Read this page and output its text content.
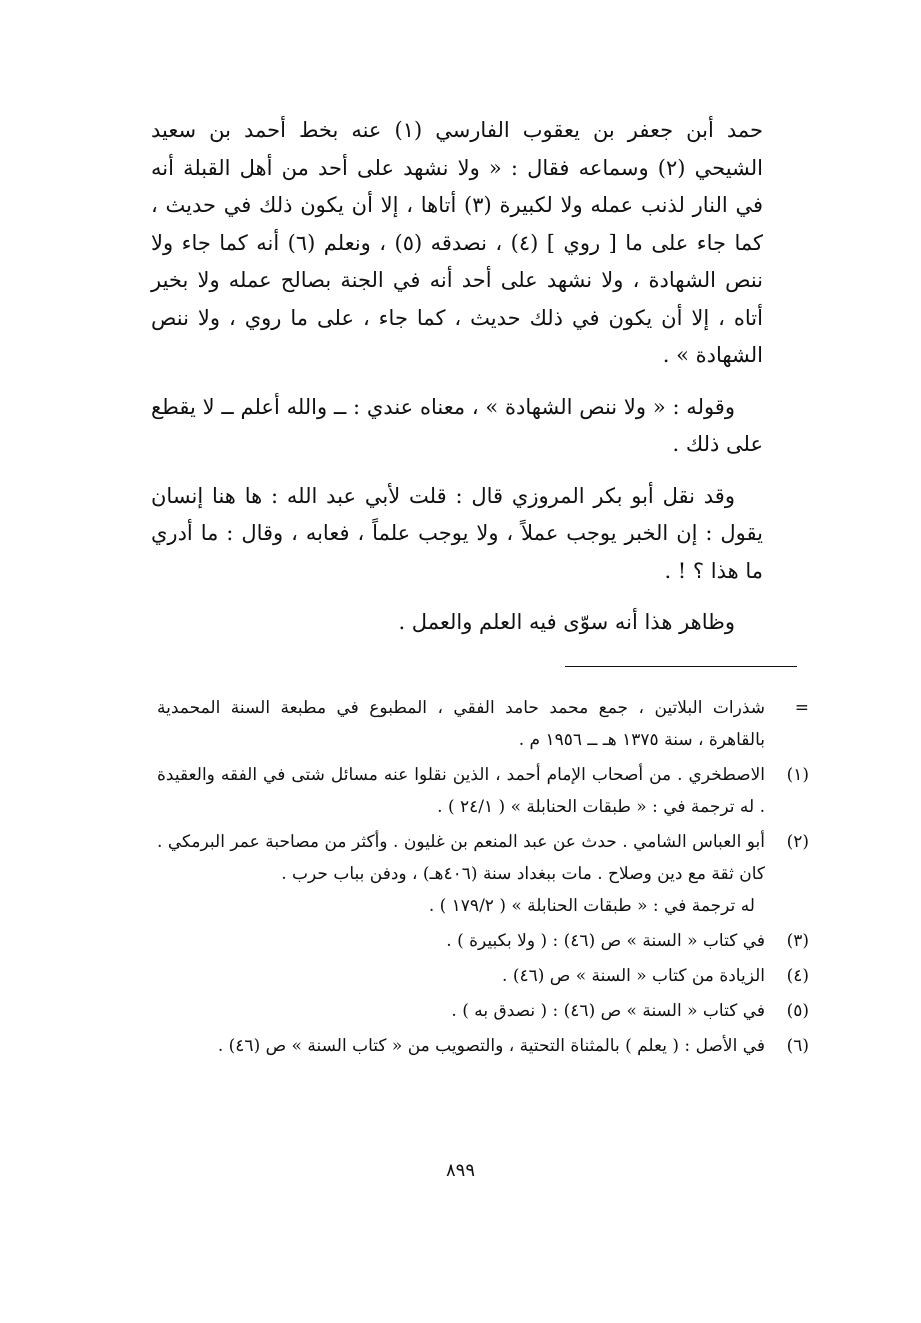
حمد أبن جعفر بن يعقوب الفارسي (١) عنه بخط أحمد بن سعيد الشيحي (٢) وسماعه فقال : « ولا نشهد على أحد من أهل القبلة أنه في النار لذنب عمله ولا لكبيرة (٣) أتاها ، إلا أن يكون ذلك في حديث ، كما جاء على ما [ روي ] (٤) ، نصدقه (٥) ، ونعلم (٦) أنه كما جاء ولا ننص الشهادة ، ولا نشهد على أحد أنه في الجنة بصالح عمله ولا بخير أتاه ، إلا أن يكون في ذلك حديث ، كما جاء ، على ما روي ، ولا ننص الشهادة » .

وقوله : « ولا ننص الشهادة » ، معناه عندي : ــ والله أعلم ــ لا يقطع على ذلك .

وقد نقل أبو بكر المروزي قال : قلت لأبي عبد الله : ها هنا إنسان يقول : إن الخبر يوجب عملاً ، ولا يوجب علماً ، فعابه ، وقال : ما أدري ما هذا ؟ ! .

وظاهر هذا أنه سوّى فيه العلم والعمل .

=
شذرات البلاتين ، جمع محمد حامد الفقي ، المطبوع في مطبعة السنة المحمدية بالقاهرة ، سنة ١٣٧٥ هـ ــ ١٩٥٦ م .
(١)
الاصطخري . من أصحاب الإمام أحمد ، الذين نقلوا عنه مسائل شتى في الفقه والعقيدة . له ترجمة في : « طبقات الحنابلة » ( ٢٤/١ ) .
(٢)
أبو العباس الشامي . حدث عن عبد المنعم بن غليون . وأكثر من مصاحبة عمر البرمكي . كان ثقة مع دين وصلاح . مات ببغداد سنة (٤٠٦هـ) ، ودفن بباب حرب .
له ترجمة في : « طبقات الحنابلة » ( ١٧٩/٢ ) .
(٣)
في كتاب « السنة » ص (٤٦) : ( ولا بكبيرة ) .
(٤)
الزيادة من كتاب « السنة » ص (٤٦) .
(٥)
في كتاب « السنة » ص (٤٦) : ( نصدق به ) .
(٦)
في الأصل : ( يعلم ) بالمثناة التحتية ، والتصويب من « كتاب السنة » ص (٤٦) .
٨٩٩
